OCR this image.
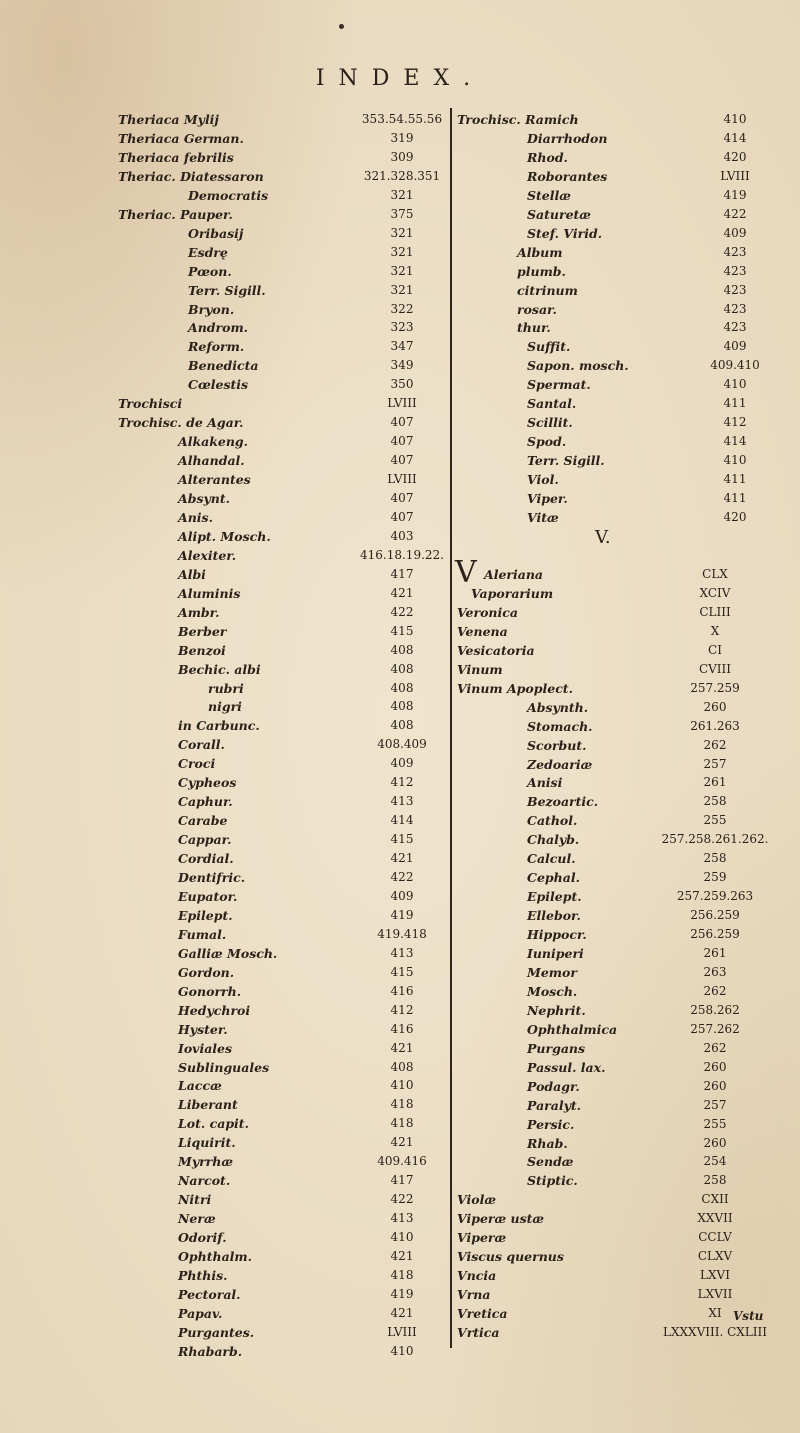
INDEX.
Theriaca Mylij	353.54.55.56
Theriaca German.	319
Theriaca febrilis	309
Theriac. Diatessaron	321.328.351
Democratis	321
Theriac. Pauper.	375
Oribasij	321
Esdrę	321
Pœon.	321
Terr. Sigill.	321
Bryon.	322
Androm.	323
Reform.	347
Benedicta	349
Cœlestis	350
Trochisci	LVIII
Trochisc. de Agar.	407
Alkakeng.	407
Alhandal.	407
Alterantes	LVIII
Absynt.	407
Anis.	407
Alipt. Mosch.	403
Alexiter.	416.18.19.22.
Albi	417
Aluminis	421
Ambr.	422
Berber	415
Benzoi	408
Bechic. albi	408
rubri	408
nigri	408
in Carbunc.	408
Corall.	408.409
Croci	409
Cypheos	412
Caphur.	413
Carabe	414
Cappar.	415
Cordial.	421
Dentifric.	422
Eupator.	409
Epilept.	419
Fumal.	419.418
Galliæ Mosch.	413
Gordon.	415
Gonorrh.	416
Hedychroi	412
Hyster.	416
Ioviales	421
Sublinguales	408
Laccæ	410
Liberant	418
Lot. capit.	418
Liquirit.	421
Myrrhæ	409.416
Narcot.	417
Nitri	422
Neræ	413
Odorif.	410
Ophthalm.	421
Phthis.	418
Pectoral.	419
Papav.	421
Purgantes.	LVIII
Rhabarb.	410
Trochisc. Ramich	410
Diarrhodon	414
Rhod.	420
Roborantes	LVIII
Stellæ	419
Saturetæ	422
Stef. Virid.	409
Album	423
plumb.	423
citrinum	423
rosar.	423
thur.	423
Suffit.	409
Sapon. mosch.	409.410
Spermat.	410
Santal.	411
Scillit.	412
Spod.	414
Terr. Sigill.	410
Viol.	411
Viper.	411
Vitæ	420
Aleriana	CLX
Vaporarium	XCIV
Veronica	CLIII
Venena	X
Vesicatoria	CI
Vinum	CVIII
Vinum Apoplect.	257.259
Absynth.	260
Stomach.	261.263
Scorbut.	262
Zedoariæ	257
Anisi	261
Bezoartic.	258
Cathol.	255
Chalyb.	257.258.261.262.
Calcul.	258
Cephal.	259
Epilept.	257.259.263
Ellebor.	256.259
Hippocr.	256.259
Iuniperi	261
Memor	263
Mosch.	262
Nephrit.	258.262
Ophthalmica	257.262
Purgans	262
Passul. lax.	260
Podagr.	260
Paralyt.	257
Persic.	255
Rhab.	260
Sendæ	254
Stiptic.	258
Violæ	CXII
Viperæ ustæ	XXVII
Viperæ	CCLV
Viscus quernus	CLXV
Vncia	LXVI
Vrna	LXVII
Vretica	XI
Vrtica	LXXXVIII. CXLIII
V.
V
Vstu
